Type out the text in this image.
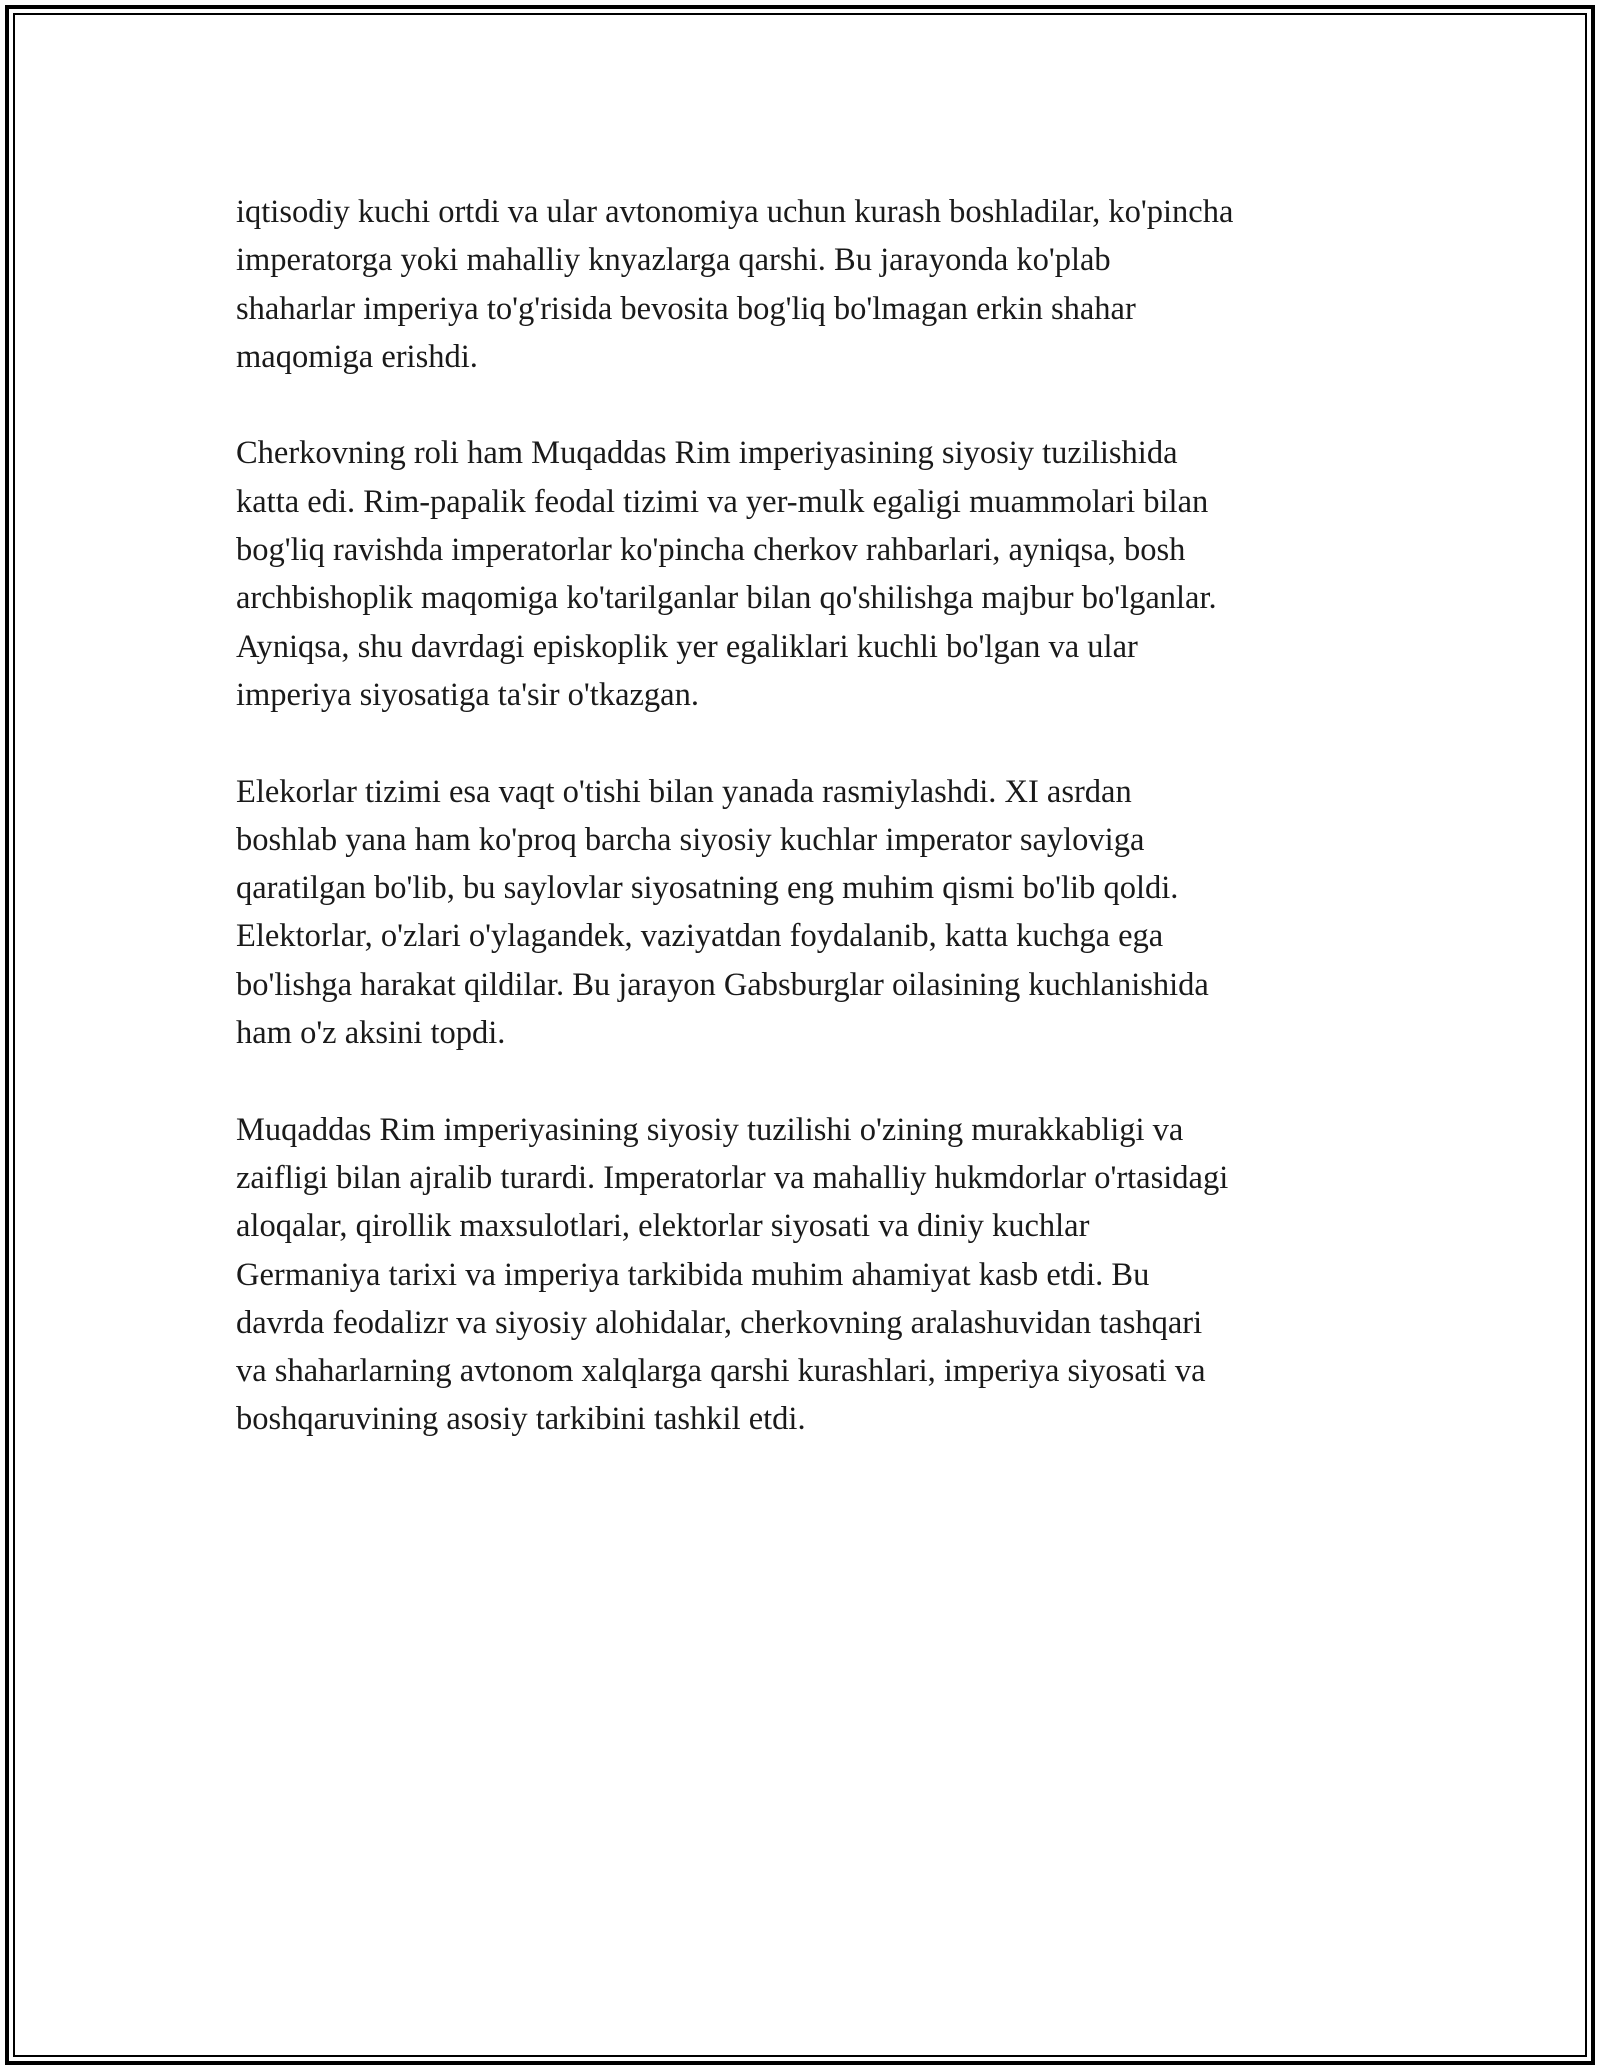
iqtisodiy kuchi ortdi va ular avtonomiya uchun kurash boshladilar, ko'pincha
imperatorga yoki mahalliy knyazlarga qarshi. Bu jarayonda ko'plab
shaharlar imperiya to'g'risida bevosita bog'liq bo'lmagan erkin shahar
maqomiga erishdi.
Cherkovning roli ham Muqaddas Rim imperiyasining siyosiy tuzilishida
katta edi. Rim-papalik feodal tizimi va yer-mulk egaligi muammolari bilan
bog'liq ravishda imperatorlar ko'pincha cherkov rahbarlari, ayniqsa, bosh
archbishoplik maqomiga ko'tarilganlar bilan qo'shilishga majbur bo'lganlar.
Ayniqsa, shu davrdagi episkoplik yer egaliklari kuchli bo'lgan va ular
imperiya siyosatiga ta'sir o'tkazgan.
Elekorlar tizimi esa vaqt o'tishi bilan yanada rasmiylashdi. XI asrdan
boshlab yana ham ko'proq barcha siyosiy kuchlar imperator sayloviga
qaratilgan bo'lib, bu saylovlar siyosatning eng muhim qismi bo'lib qoldi.
Elektorlar, o'zlari o'ylagandek, vaziyatdan foydalanib, katta kuchga ega
bo'lishga harakat qildilar. Bu jarayon Gabsburglar oilasining kuchlanishida
ham o'z aksini topdi.
Muqaddas Rim imperiyasining siyosiy tuzilishi o'zining murakkabligi va
zaifligi bilan ajralib turardi. Imperatorlar va mahalliy hukmdorlar o'rtasidagi
aloqalar, qirollik maxsulotlari, elektorlar siyosati va diniy kuchlar
Germaniya tarixi va imperiya tarkibida muhim ahamiyat kasb etdi. Bu
davrda feodalizr va siyosiy alohidalar, cherkovning aralashuvidan tashqari
va shaharlarning avtonom xalqlarga qarshi kurashlari, imperiya siyosati va
boshqaruvining asosiy tarkibini tashkil etdi.
